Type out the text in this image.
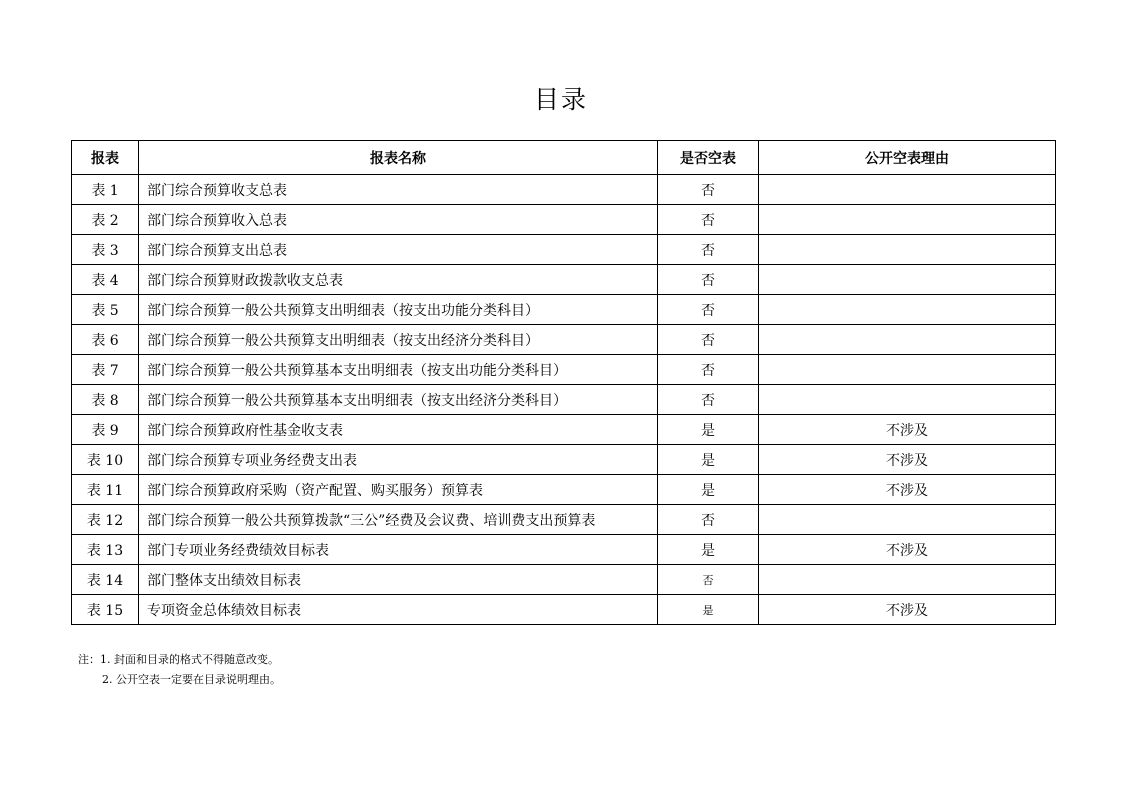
目录
报表	报表名称	是否空表	公开空表理由
表 1	部门综合预算收支总表	否	
表 2	部门综合预算收入总表	否	
表 3	部门综合预算支出总表	否	
表 4	部门综合预算财政拨款收支总表	否	
表 5	部门综合预算一般公共预算支出明细表（按支出功能分类科目）	否	
表 6	部门综合预算一般公共预算支出明细表（按支出经济分类科目）	否	
表 7	部门综合预算一般公共预算基本支出明细表（按支出功能分类科目）	否	
表 8	部门综合预算一般公共预算基本支出明细表（按支出经济分类科目）	否	
表 9	部门综合预算政府性基金收支表	是	不涉及
表 10	部门综合预算专项业务经费支出表	是	不涉及
表 11	部门综合预算政府采购（资产配置、购买服务）预算表	是	不涉及
表 12	部门综合预算一般公共预算拨款“三公”经费及会议费、培训费支出预算表	否	
表 13	部门专项业务经费绩效目标表	是	不涉及
表 14	部门整体支出绩效目标表	否	
表 15	专项资金总体绩效目标表	是	不涉及
注：1. 封面和目录的格式不得随意改变。
2. 公开空表一定要在目录说明理由。
